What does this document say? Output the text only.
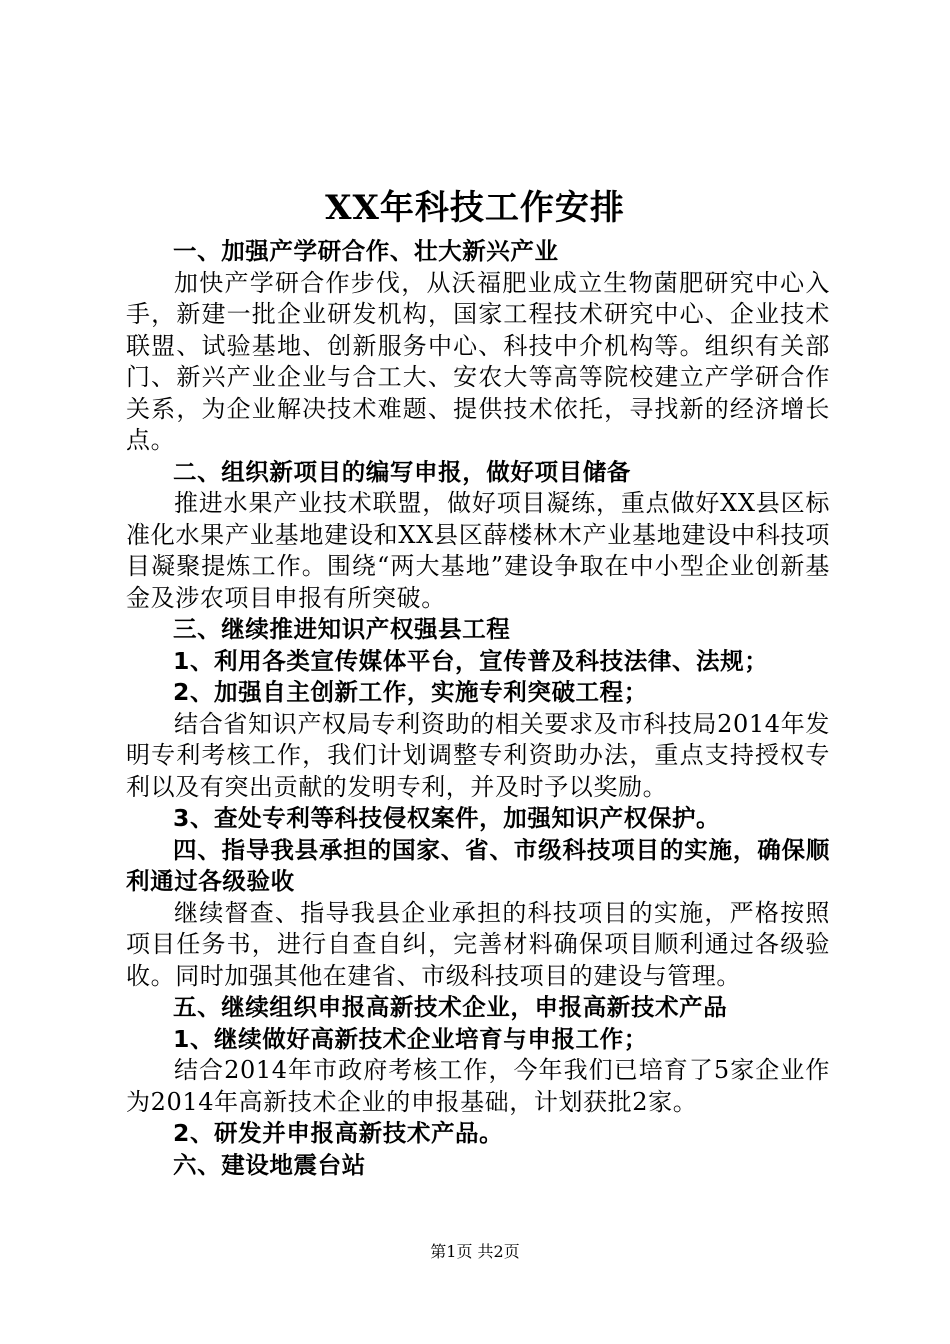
XX年科技工作安排

一、加强产学研合作、壮大新兴产业

加快产学研合作步伐，从沃福肥业成立生物菌肥研究中心入手，新建一批企业研发机构，国家工程技术研究中心、企业技术联盟、试验基地、创新服务中心、科技中介机构等。组织有关部门、新兴产业企业与合工大、安农大等高等院校建立产学研合作关系，为企业解决技术难题、提供技术依托，寻找新的经济增长点。

二、组织新项目的编写申报，做好项目储备

推进水果产业技术联盟，做好项目凝练，重点做好XX县区标准化水果产业基地建设和XX县区薛楼林木产业基地建设中科技项目凝聚提炼工作。围绕“两大基地”建设争取在中小型企业创新基金及涉农项目申报有所突破。

三、继续推进知识产权强县工程

1、利用各类宣传媒体平台，宣传普及科技法律、法规；

2、加强自主创新工作，实施专利突破工程；

结合省知识产权局专利资助的相关要求及市科技局2014年发明专利考核工作，我们计划调整专利资助办法，重点支持授权专利以及有突出贡献的发明专利，并及时予以奖励。

3、查处专利等科技侵权案件，加强知识产权保护。

四、指导我县承担的国家、省、市级科技项目的实施，确保顺利通过各级验收

继续督查、指导我县企业承担的科技项目的实施，严格按照项目任务书，进行自查自纠，完善材料确保项目顺利通过各级验收。同时加强其他在建省、市级科技项目的建设与管理。

五、继续组织申报高新技术企业，申报高新技术产品

1、继续做好高新技术企业培育与申报工作；

结合2014年市政府考核工作，今年我们已培育了5家企业作为2014年高新技术企业的申报基础，计划获批2家。

2、研发并申报高新技术产品。

六、建设地震台站

第1页 共2页
